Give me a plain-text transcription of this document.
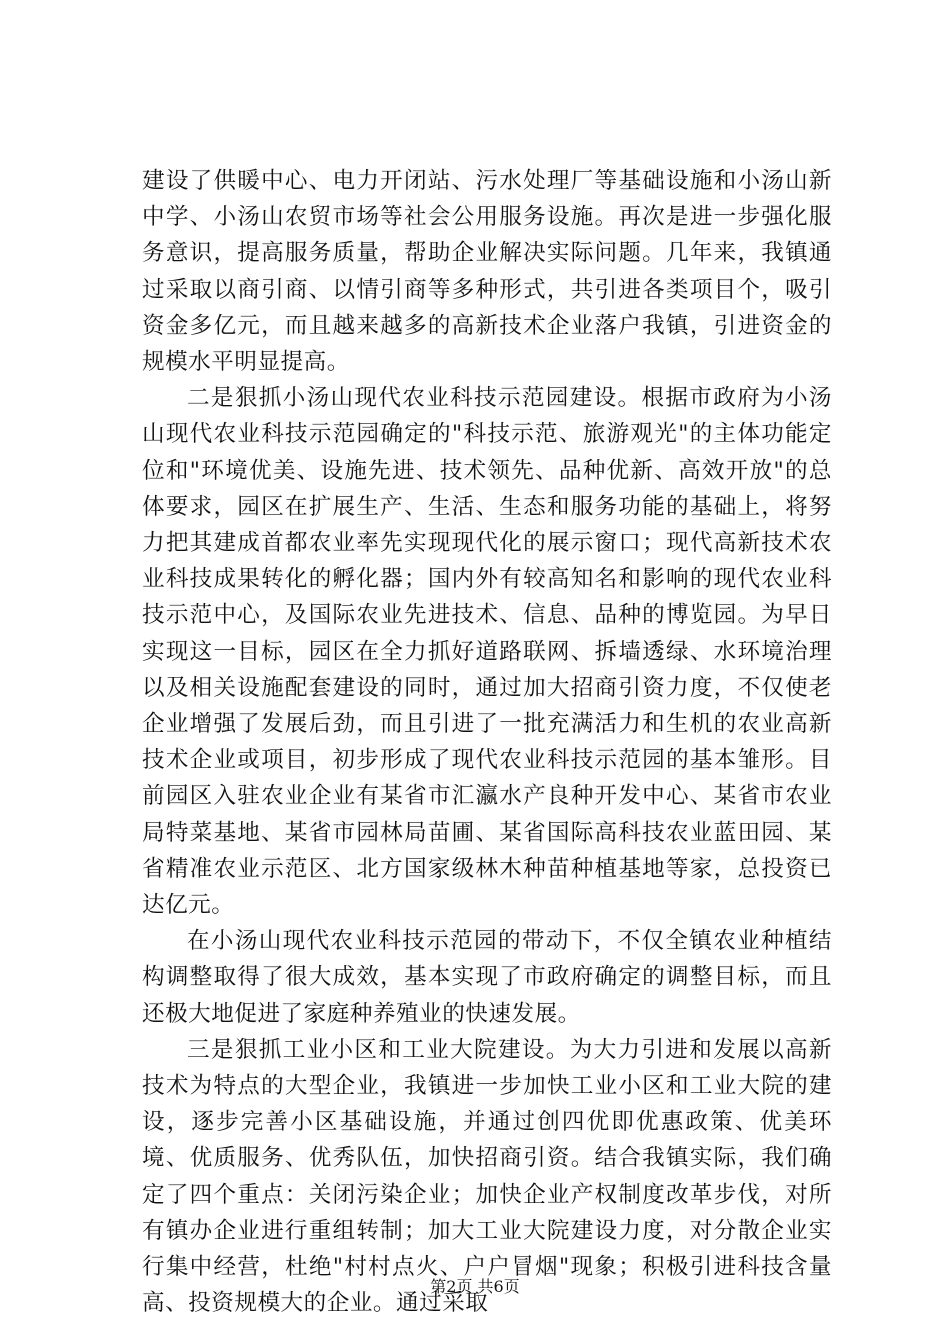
建设了供暖中心、电力开闭站、污水处理厂等基础设施和小汤山新中学、小汤山农贸市场等社会公用服务设施。再次是进一步强化服务意识，提高服务质量，帮助企业解决实际问题。几年来，我镇通过采取以商引商、以情引商等多种形式，共引进各类项目个，吸引资金多亿元，而且越来越多的高新技术企业落户我镇，引进资金的规模水平明显提高。

二是狠抓小汤山现代农业科技示范园建设。根据市政府为小汤山现代农业科技示范园确定的"科技示范、旅游观光"的主体功能定位和"环境优美、设施先进、技术领先、品种优新、高效开放"的总体要求，园区在扩展生产、生活、生态和服务功能的基础上，将努力把其建成首都农业率先实现现代化的展示窗口；现代高新技术农业科技成果转化的孵化器；国内外有较高知名和影响的现代农业科技示范中心，及国际农业先进技术、信息、品种的博览园。为早日实现这一目标，园区在全力抓好道路联网、拆墙透绿、水环境治理以及相关设施配套建设的同时，通过加大招商引资力度，不仅使老企业增强了发展后劲，而且引进了一批充满活力和生机的农业高新技术企业或项目，初步形成了现代农业科技示范园的基本雏形。目前园区入驻农业企业有某省市汇瀛水产良种开发中心、某省市农业局特菜基地、某省市园林局苗圃、某省国际高科技农业蓝田园、某省精准农业示范区、北方国家级林木种苗种植基地等家，总投资已达亿元。

在小汤山现代农业科技示范园的带动下，不仅全镇农业种植结构调整取得了很大成效，基本实现了市政府确定的调整目标，而且还极大地促进了家庭种养殖业的快速发展。

三是狠抓工业小区和工业大院建设。为大力引进和发展以高新技术为特点的大型企业，我镇进一步加快工业小区和工业大院的建设，逐步完善小区基础设施，并通过创四优即优惠政策、优美环境、优质服务、优秀队伍，加快招商引资。结合我镇实际，我们确定了四个重点：关闭污染企业；加快企业产权制度改革步伐，对所有镇办企业进行重组转制；加大工业大院建设力度，对分散企业实行集中经营，杜绝"村村点火、户户冒烟"现象；积极引进科技含量高、投资规模大的企业。通过采取

第2页 共6页
